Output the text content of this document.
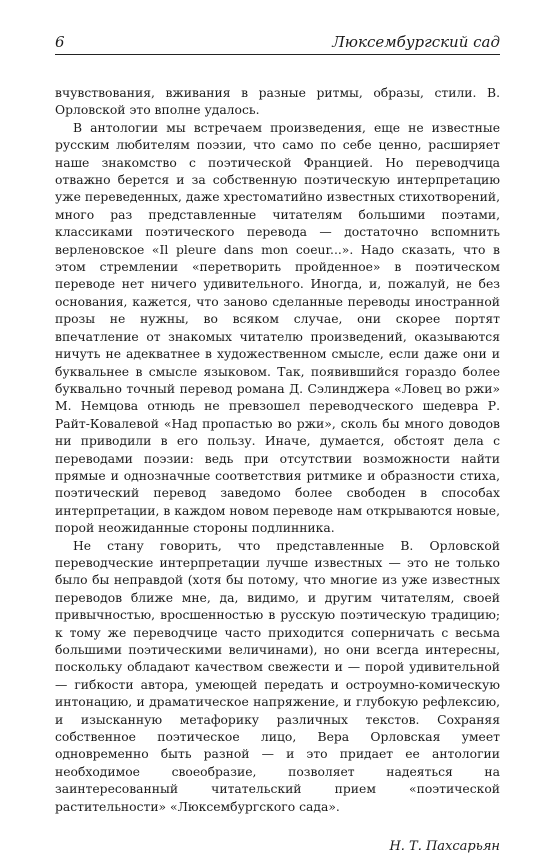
6	Люксембургский сад

вчувствования, вживания в разные ритмы, образы, стили. В. Орловской это вполне удалось.

В антологии мы встречаем произведения, еще не известные русским любителям поэзии, что само по себе ценно, расширяет наше знакомство с поэтической Францией. Но переводчица отважно берется и за собственную поэтическую интерпретацию уже переведенных, даже хрестоматийно известных стихотворений, много раз представленные читателям большими поэтами, классиками поэтического перевода — достаточно вспомнить верленовское «Il pleure dans mon coeur...». Надо сказать, что в этом стремлении «перетворить пройденное» в поэтическом переводе нет ничего удивительного. Иногда, и, пожалуй, не без основания, кажется, что заново сделанные переводы иностранной прозы не нужны, во всяком случае, они скорее портят впечатление от знакомых читателю произведений, оказываются ничуть не адекватнее в художественном смысле, если даже они и буквальнее в смысле языковом. Так, появившийся гораздо более буквально точный перевод романа Д. Сэлинджера «Ловец во ржи» М. Немцова отнюдь не превзошел переводческого шедевра Р. Райт-Ковалевой «Над пропастью во ржи», сколь бы много доводов ни приводили в его пользу. Иначе, думается, обстоят дела с переводами поэзии: ведь при отсутствии возможности найти прямые и однозначные соответствия ритмике и образности стиха, поэтический перевод заведомо более свободен в способах интерпретации, в каждом новом переводе нам открываются новые, порой неожиданные стороны подлинника.

Не стану говорить, что представленные В. Орловской переводческие интерпретации лучше известных — это не только было бы неправдой (хотя бы потому, что многие из уже известных переводов ближе мне, да, видимо, и другим читателям, своей привычностью, вросшенностью в русскую поэтическую традицию; к тому же переводчице часто приходится соперничать с весьма большими поэтическими величинами), но они всегда интересны, поскольку обладают качеством свежести и — порой удивительной — гибкости автора, умеющей передать и остроумно-комическую интонацию, и драматическое напряжение, и глубокую рефлексию, и изысканную метафорику различных текстов. Сохраняя собственное поэтическое лицо, Вера Орловская умеет одновременно быть разной — и это придает ее антологии необходимое своеобразие, позволяет надеяться на заинтересованный читательский прием «поэтической растительности» «Люксембургского сада».

Н. Т. Пахсарьян
